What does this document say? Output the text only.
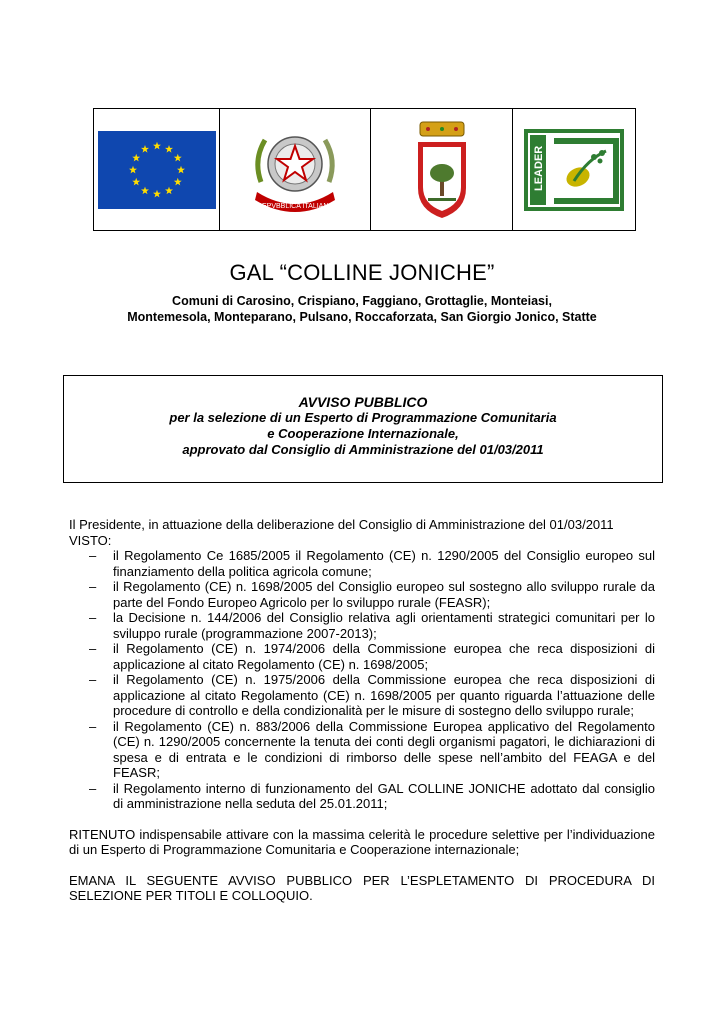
REPVBBLICA ITALIANA
LEADER
GAL “COLLINE JONICHE”
Comuni di Carosino, Crispiano, Faggiano, Grottaglie, Monteiasi,
Montemesola, Monteparano, Pulsano, Roccaforzata, San Giorgio Jonico, Statte
AVVISO PUBBLICO
per la selezione di un Esperto di Programmazione Comunitaria
e Cooperazione Internazionale,
approvato dal Consiglio di Amministrazione del 01/03/2011

Il Presidente, in attuazione della deliberazione del Consiglio di Amministrazione del 01/03/2011

VISTO:

– il Regolamento Ce 1685/2005 il Regolamento (CE) n. 1290/2005 del Consiglio europeo sul finanziamento della politica agricola comune;
– il Regolamento (CE) n. 1698/2005 del Consiglio europeo sul sostegno allo sviluppo rurale da parte del Fondo Europeo Agricolo per lo sviluppo rurale (FEASR);
– la Decisione n. 144/2006 del Consiglio relativa agli orientamenti strategici comunitari per lo sviluppo rurale (programmazione 2007-2013);
– il Regolamento (CE) n. 1974/2006 della Commissione europea che reca disposizioni di applicazione al citato Regolamento (CE) n. 1698/2005;
– il Regolamento (CE) n. 1975/2006 della Commissione europea che reca disposizioni di applicazione al citato Regolamento (CE) n. 1698/2005 per quanto riguarda l’attuazione delle procedure di controllo e della condizionalità per le misure di sostegno dello sviluppo rurale;
– il Regolamento (CE) n. 883/2006 della Commissione Europea applicativo del Regolamento (CE) n. 1290/2005 concernente la tenuta dei conti degli organismi pagatori, le dichiarazioni di spesa e di entrata e le condizioni di rimborso delle spese nell’ambito del FEAGA e del FEASR;
– il Regolamento interno di funzionamento del GAL COLLINE JONICHE adottato dal consiglio di amministrazione nella seduta del 25.01.2011;

RITENUTO indispensabile attivare con la massima celerità le procedure selettive per l’individuazione di un Esperto di Programmazione Comunitaria e Cooperazione internazionale;

EMANA IL SEGUENTE AVVISO PUBBLICO PER L’ESPLETAMENTO DI PROCEDURA DI SELEZIONE PER TITOLI E COLLOQUIO.
